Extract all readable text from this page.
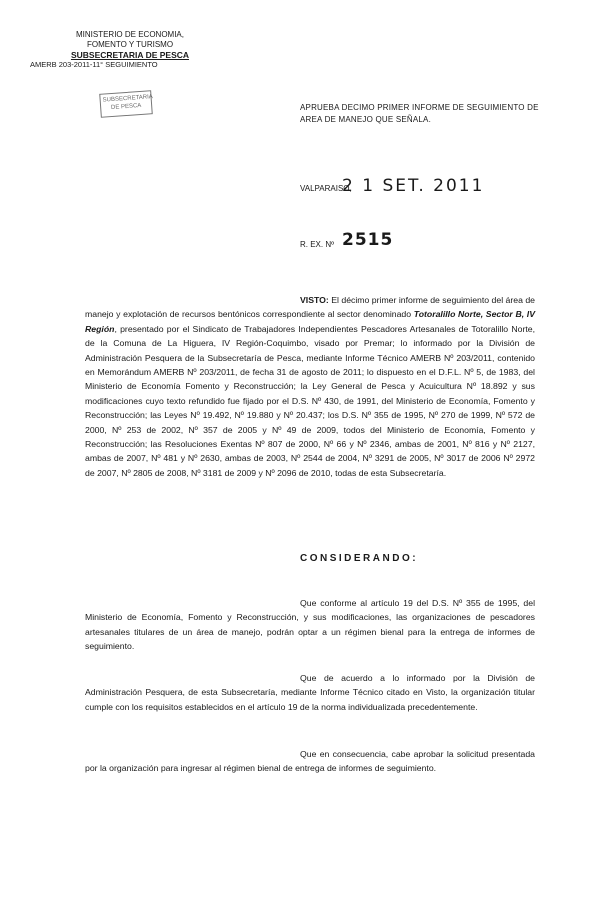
MINISTERIO DE ECONOMIA,
FOMENTO Y TURISMO
SUBSECRETARIA DE PESCA
AMERB 203-2011-11° SEGUIMIENTO
SUBSECRETARIA DE PESCA	APRUEBA DECIMO PRIMER INFORME DE SEGUIMIENTO DE AREA DE MANEJO QUE SEÑALA.
VALPARAISO,
2 1 SET. 2011
R. EX. Nº 2515
VISTO: El décimo primer informe de seguimiento del área de manejo y explotación de recursos bentónicos correspondiente al sector denominado Totoralillo Norte, Sector B, IV Región, presentado por el Sindicato de Trabajadores Independientes Pescadores Artesanales de Totoralillo Norte, de la Comuna de La Higuera, IV Región-Coquimbo, visado por Premar; lo informado por la División de Administración Pesquera de la Subsecretaría de Pesca, mediante Informe Técnico AMERB Nº 203/2011, contenido en Memorándum AMERB Nº 203/2011, de fecha 31 de agosto de 2011; lo dispuesto en el D.F.L. Nº 5, de 1983, del Ministerio de Economía Fomento y Reconstrucción; la Ley General de Pesca y Acuicultura Nº 18.892 y sus modificaciones cuyo texto refundido fue fijado por el D.S. Nº 430, de 1991, del Ministerio de Economía, Fomento y Reconstrucción; las Leyes Nº 19.492, Nº 19.880 y Nº 20.437; los D.S. Nº 355 de 1995, Nº 270 de 1999, Nº 572 de 2000, Nº 253 de 2002, Nº 357 de 2005 y Nº 49 de 2009, todos del Ministerio de Economía, Fomento y Reconstrucción; las Resoluciones Exentas Nº 807 de 2000, Nº 66 y Nº 2346, ambas de 2001, Nº 816 y Nº 2127, ambas de 2007, Nº 481 y Nº 2630, ambas de 2003, Nº 2544 de 2004, Nº 3291 de 2005, Nº 3017 de 2006 Nº 2972 de 2007, Nº 2805 de 2008, Nº 3181 de 2009 y Nº 2096 de 2010, todas de esta Subsecretaría.
CONSIDERANDO:
Que conforme al artículo 19 del D.S. Nº 355 de 1995, del Ministerio de Economía, Fomento y Reconstrucción, y sus modificaciones, las organizaciones de pescadores artesanales titulares de un área de manejo, podrán optar a un régimen bienal para la entrega de informes de seguimiento.
Que de acuerdo a lo informado por la División de Administración Pesquera, de esta Subsecretaría, mediante Informe Técnico citado en Visto, la organización titular cumple con los requisitos establecidos en el artículo 19 de la norma individualizada precedentemente.
Que en consecuencia, cabe aprobar la solicitud presentada por la organización para ingresar al régimen bienal de entrega de informes de seguimiento.
